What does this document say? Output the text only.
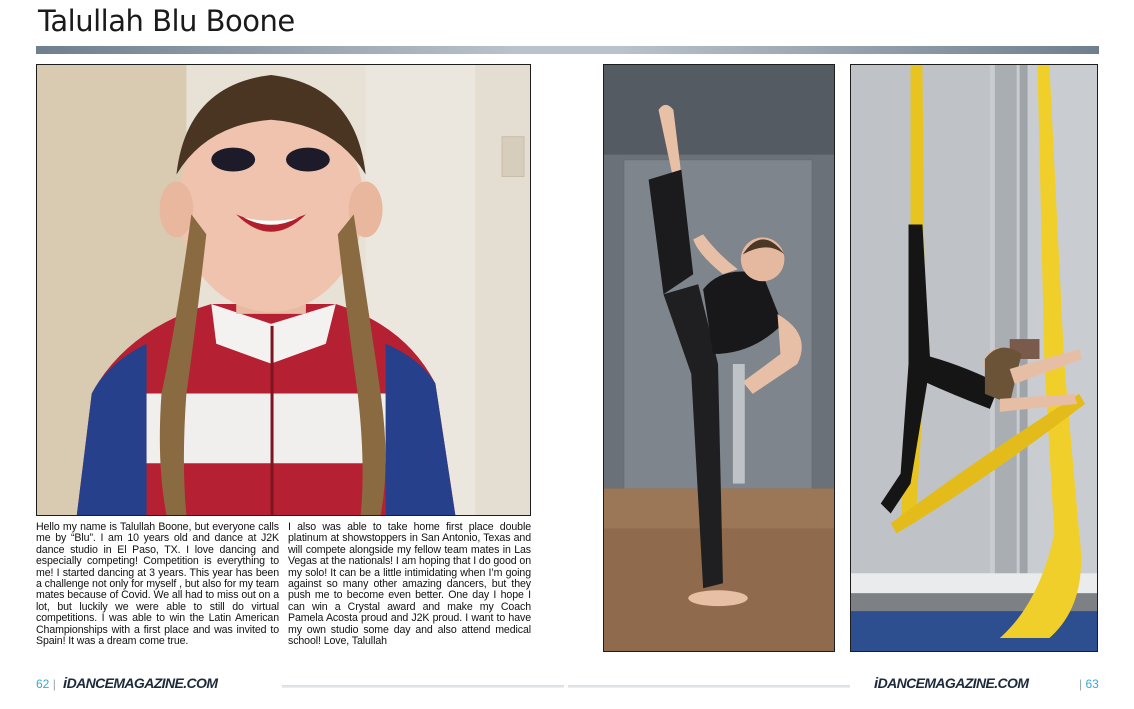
Talullah Blu Boone
Hello my name is Talullah Boone, but everyone calls me by “Blu”. I am 10 years old and dance at J2K dance studio in El Paso, TX. I love dancing and especially competing! Competition is everything to me! I started dancing at 3 years. This year has been a challenge not only for myself , but also for my team mates because of Covid. We all had to miss out on a lot, but luckily we were able to still do virtual competitions. I was able to win the Latin American Championships with a first place and was invited to Spain! It was a dream come true.
I also was able to take home first place double platinum at showstoppers in San Antonio, Texas and will compete alongside my fellow team mates in Las Vegas at the nationals! I am hoping that I do good on my solo! It can be a little intimidating when I’m going against so many other amazing dancers, but they push me to become even better. One day I hope I can win a Crystal award and make my Coach Pamela Acosta proud and J2K proud. I want to have my own studio some day and also attend medical school! Love, Talullah
62 | iDANCEMAGAZINE.COM	iDANCEMAGAZINE.COM	| 63
